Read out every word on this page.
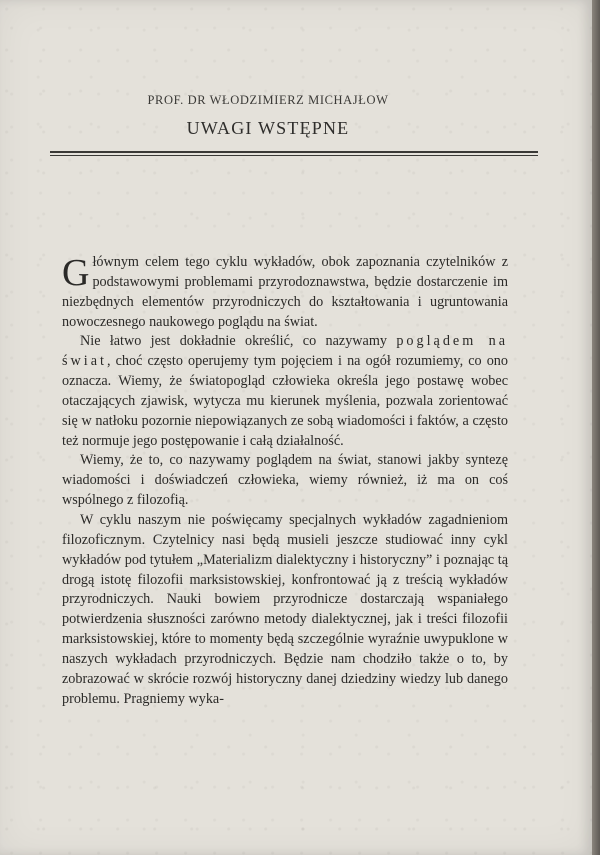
PROF. DR WŁODZIMIERZ MICHAJŁOW
UWAGI WSTĘPNE

Głównym celem tego cyklu wykładów, obok zapoznania czytelników z podstawowymi problemami przyrodoznawstwa, będzie dostarczenie im niezbędnych elementów przyrodniczych do kształtowania i ugruntowania nowoczesnego naukowego poglądu na świat.

Nie łatwo jest dokładnie określić, co nazywamy poglądem na świat, choć często operujemy tym pojęciem i na ogół rozumiemy, co ono oznacza. Wiemy, że światopogląd człowieka określa jego postawę wobec otaczających zjawisk, wytycza mu kierunek myślenia, pozwala zorientować się w natłoku pozornie niepowiązanych ze sobą wiadomości i faktów, a często też normuje jego postępowanie i całą działalność.

Wiemy, że to, co nazywamy poglądem na świat, stanowi jakby syntezę wiadomości i doświadczeń człowieka, wiemy również, iż ma on coś wspólnego z filozofią.

W cyklu naszym nie poświęcamy specjalnych wykładów zagadnieniom filozoficznym. Czytelnicy nasi będą musieli jeszcze studiować inny cykl wykładów pod tytułem „Materializm dialektyczny i historyczny” i poznając tą drogą istotę filozofii marksistowskiej, konfrontować ją z treścią wykładów przyrodniczych. Nauki bowiem przyrodnicze dostarczają wspaniałego potwierdzenia słuszności zarówno metody dialektycznej, jak i treści filozofii marksistowskiej, które to momenty będą szczególnie wyraźnie uwypuklone w naszych wykładach przyrodniczych. Będzie nam chodziło także o to, by zobrazować w skrócie rozwój historyczny danej dziedziny wiedzy lub danego problemu. Pragniemy wyka-
